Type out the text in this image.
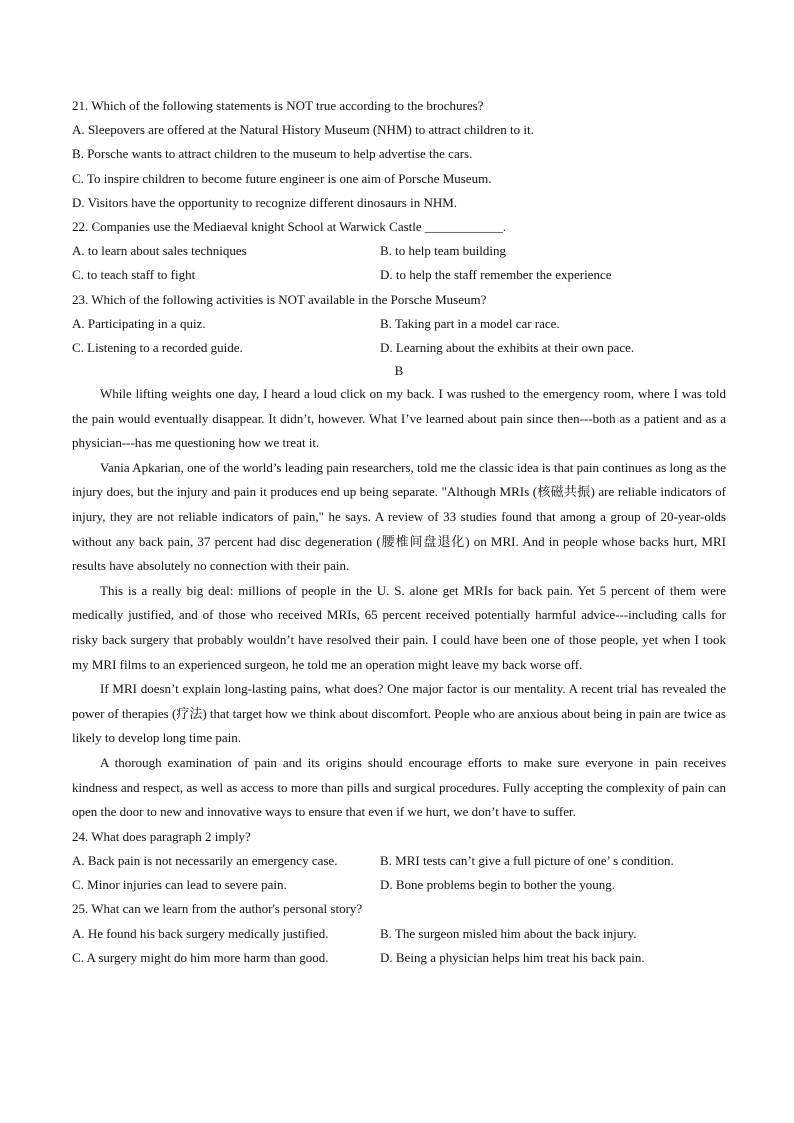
21. Which of the following statements is NOT true according to the brochures?
A. Sleepovers are offered at the Natural History Museum (NHM) to attract children to it.
B. Porsche wants to attract children to the museum to help advertise the cars.
C. To inspire children to become future engineer is one aim of Porsche Museum.
D. Visitors have the opportunity to recognize different dinosaurs in NHM.
22. Companies use the Mediaeval knight School at Warwick Castle ____________.
A. to learn about sales techniques	B. to help team building
C. to teach staff to fight	D. to help the staff remember the experience
23. Which of the following activities is NOT available in the Porsche Museum?
A. Participating in a quiz.	B. Taking part in a model car race.
C. Listening to a recorded guide.	D. Learning about the exhibits at their own pace.
B

While lifting weights one day, I heard a loud click on my back. I was rushed to the emergency room, where I was told the pain would eventually disappear. It didn’t, however. What I’ve learned about pain since then---both as a patient and as a physician---has me questioning how we treat it.

Vania Apkarian, one of the world’s leading pain researchers, told me the classic idea is that pain continues as long as the injury does, but the injury and pain it produces end up being separate. "Although MRIs (核磁共振) are reliable indicators of injury, they are not reliable indicators of pain," he says. A review of 33 studies found that among a group of 20-year-olds without any back pain, 37 percent had disc degeneration (腰椎间盘退化) on MRI. And in people whose backs hurt, MRI results have absolutely no connection with their pain.

This is a really big deal: millions of people in the U. S. alone get MRIs for back pain. Yet 5 percent of them were medically justified, and of those who received MRIs, 65 percent received potentially harmful advice---including calls for risky back surgery that probably wouldn’t have resolved their pain. I could have been one of those people, yet when I took my MRI films to an experienced surgeon, he told me an operation might leave my back worse off.

If MRI doesn’t explain long-lasting pains, what does? One major factor is our mentality. A recent trial has revealed the power of therapies (疗法) that target how we think about discomfort. People who are anxious about being in pain are twice as likely to develop long time pain.

A thorough examination of pain and its origins should encourage efforts to make sure everyone in pain receives kindness and respect, as well as access to more than pills and surgical procedures. Fully accepting the complexity of pain can open the door to new and innovative ways to ensure that even if we hurt, we don’t have to suffer.

24. What does paragraph 2 imply?
A. Back pain is not necessarily an emergency case.	B. MRI tests can’t give a full picture of one’ s condition.
C. Minor injuries can lead to severe pain.	D. Bone problems begin to bother the young.
25. What can we learn from the author's personal story?
A. He found his back surgery medically justified.	B. The surgeon misled him about the back injury.
C. A surgery might do him more harm than good.	D. Being a physician helps him treat his back pain.
